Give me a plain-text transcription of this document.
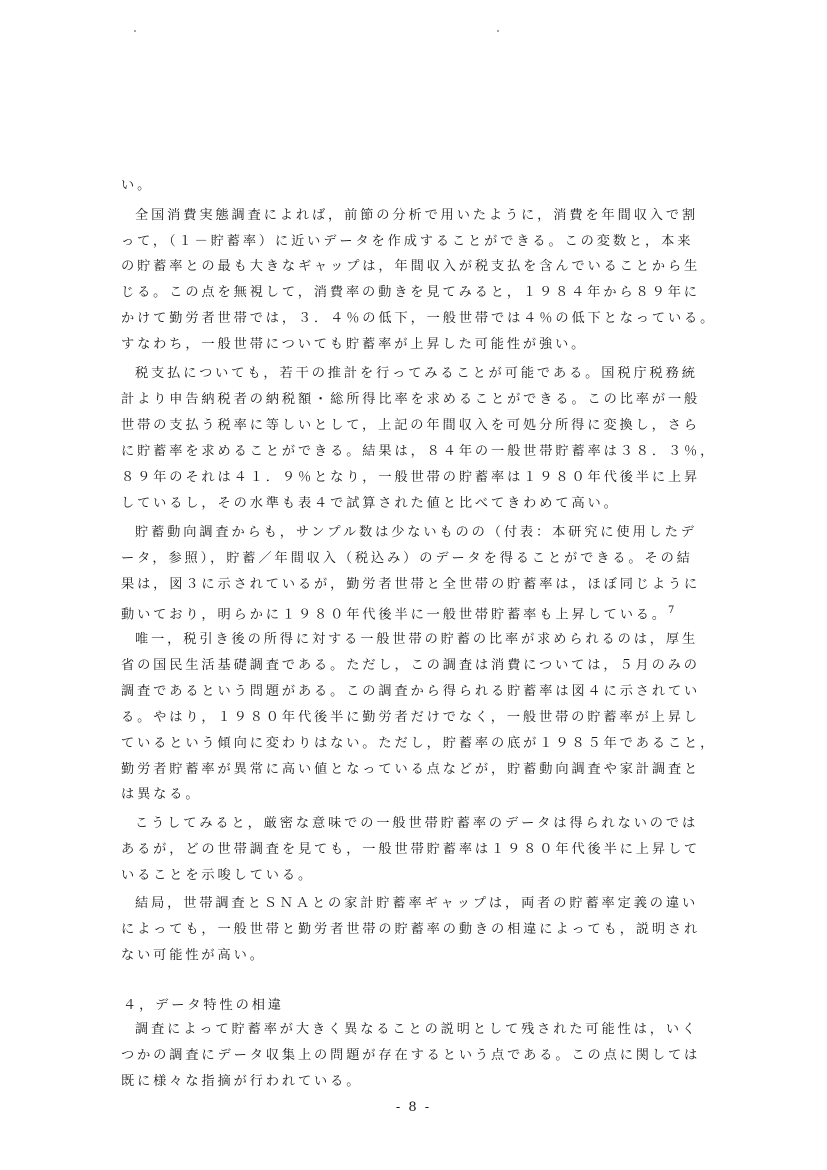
い。
全国消費実態調査によれば，前節の分析で用いたように，消費を年間収入で割
って，（１－貯蓄率）に近いデータを作成することができる。この変数と，本来
の貯蓄率との最も大きなギャップは，年間収入が税支払を含んでいることから生
じる。この点を無視して，消費率の動きを見てみると，１９８４年から８９年に
かけて勤労者世帯では，３．４％の低下，一般世帯では４％の低下となっている。
すなわち，一般世帯についても貯蓄率が上昇した可能性が強い。
税支払についても，若干の推計を行ってみることが可能である。国税庁税務統
計より申告納税者の納税額・総所得比率を求めることができる。この比率が一般
世帯の支払う税率に等しいとして，上記の年間収入を可処分所得に変換し，さら
に貯蓄率を求めることができる。結果は，８４年の一般世帯貯蓄率は３８．３％，
８９年のそれは４１．９％となり，一般世帯の貯蓄率は１９８０年代後半に上昇
しているし，その水準も表４で試算された値と比べてきわめて高い。
貯蓄動向調査からも，サンプル数は少ないものの（付表：本研究に使用したデ
ータ，参照），貯蓄／年間収入（税込み）のデータを得ることができる。その結
果は，図３に示されているが，勤労者世帯と全世帯の貯蓄率は，ほぼ同じように
動いており，明らかに１９８０年代後半に一般世帯貯蓄率も上昇している。$^7$
唯一，税引き後の所得に対する一般世帯の貯蓄の比率が求められるのは，厚生
省の国民生活基礎調査である。ただし，この調査は消費については，５月のみの
調査であるという問題がある。この調査から得られる貯蓄率は図４に示されてい
る。やはり，１９８０年代後半に勤労者だけでなく，一般世帯の貯蓄率が上昇し
ているという傾向に変わりはない。ただし，貯蓄率の底が１９８５年であること，
勤労者貯蓄率が異常に高い値となっている点などが，貯蓄動向調査や家計調査と
は異なる。
こうしてみると，厳密な意味での一般世帯貯蓄率のデータは得られないのでは
あるが，どの世帯調査を見ても，一般世帯貯蓄率は１９８０年代後半に上昇して
いることを示唆している。
結局，世帯調査とＳＮＡとの家計貯蓄率ギャップは，両者の貯蓄率定義の違い
によっても，一般世帯と勤労者世帯の貯蓄率の動きの相違によっても，説明され
ない可能性が高い。
４，データ特性の相違
調査によって貯蓄率が大きく異なることの説明として残された可能性は，いく
つかの調査にデータ収集上の問題が存在するという点である。この点に関しては
既に様々な指摘が行われている。
- 8 -
